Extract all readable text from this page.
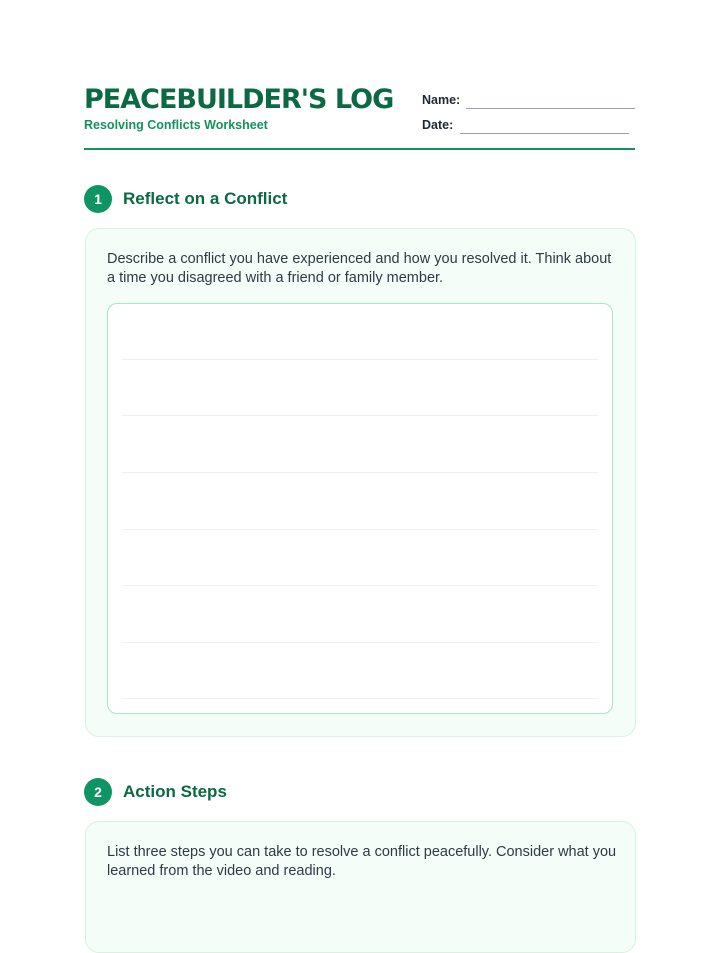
PEACEBUILDER'S LOG
Resolving Conflicts Worksheet
Name:
Date:
1	Reflect on a Conflict
Describe a conflict you have experienced and how you resolved it. Think about a time you disagreed with a friend or family member.
2	Action Steps
List three steps you can take to resolve a conflict peacefully. Consider what you learned from the video and reading.
